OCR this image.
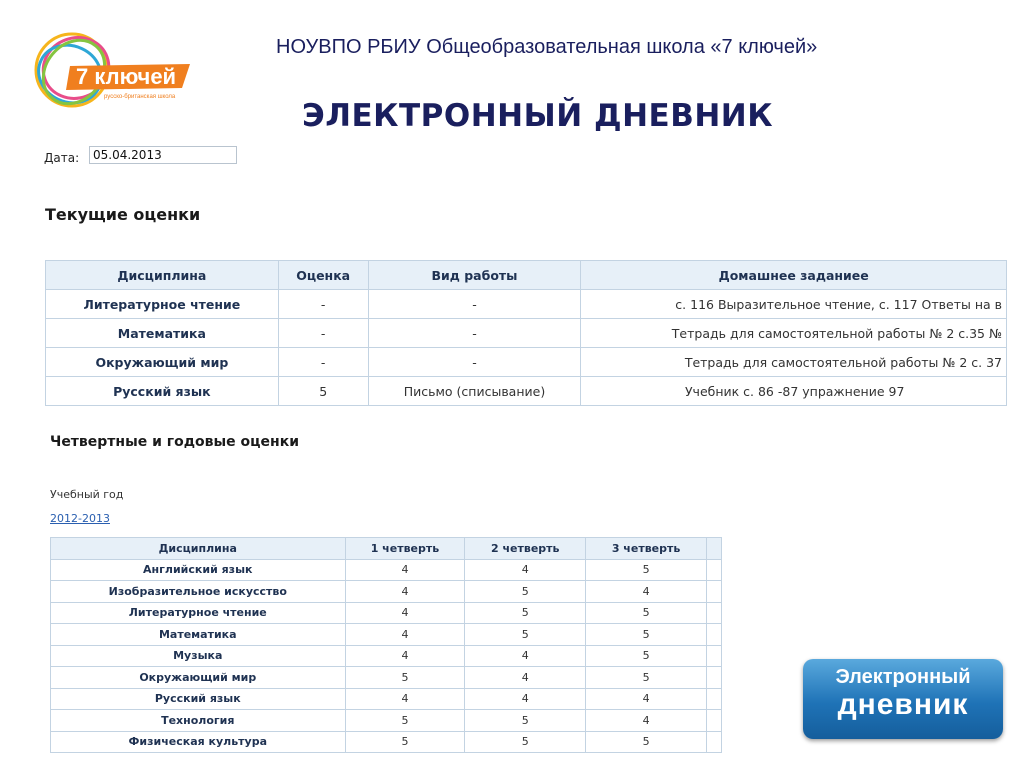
7 ключей
русско-британская школа
НОУВПО РБИУ Общеобразовательная школа «7 ключей»
ЭЛЕКТРОННЫЙ ДНЕВНИК
Дата:	05.04.2013
Текущие оценки
Дисциплина	Оценка	Вид работы	Домашнее заданиее
Литературное чтение	-	-	с. 116 Выразительное чтение, с. 117 Ответы на в
Математика	-	-	Тетрадь для самостоятельной работы № 2 с.35 №
Окружающий мир	-	-	Тетрадь для самостоятельной работы № 2 с. 37
Русский язык	5	Письмо (списывание)	Учебник с. 86 -87 упражнение 97
Четвертные и годовые оценки
Учебный год
2012-2013
Дисциплина	1 четверть	2 четверть	3 четверть	
Английский язык	4	4	5	
Изобразительное искусство	4	5	4	
Литературное чтение	4	5	5	
Математика	4	5	5	
Музыка	4	4	5	
Окружающий мир	5	4	5	
Русский язык	4	4	4	
Технология	5	5	4	
Физическая культура	5	5	5	
Электронный
дневник
